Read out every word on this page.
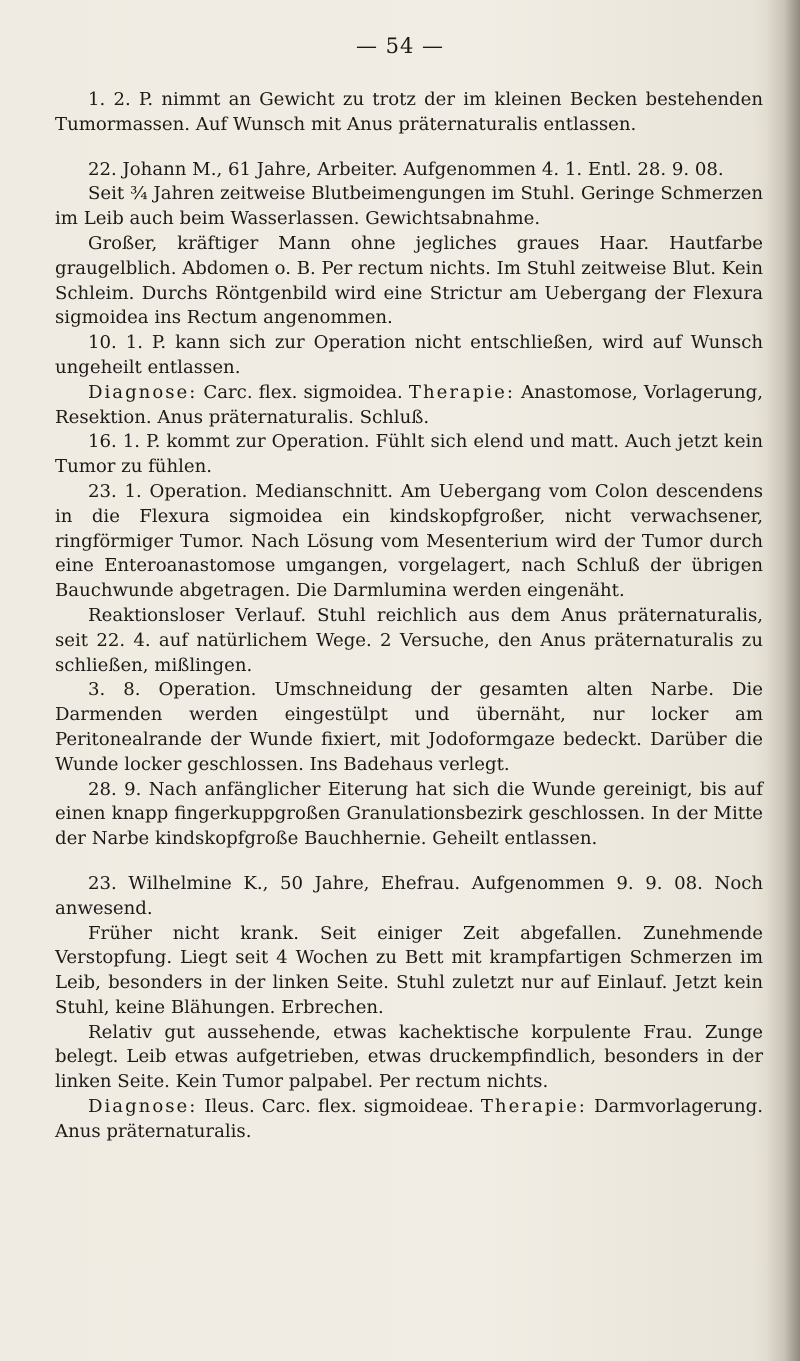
— 54 —

1. 2. P. nimmt an Gewicht zu trotz der im kleinen Becken bestehenden Tumormassen. Auf Wunsch mit Anus präternaturalis entlassen.

22. Johann M., 61 Jahre, Arbeiter. Aufgenommen 4. 1. Entl. 28. 9. 08.

Seit ¾ Jahren zeitweise Blutbeimengungen im Stuhl. Geringe Schmerzen im Leib auch beim Wasserlassen. Gewichtsabnahme.

Großer, kräftiger Mann ohne jegliches graues Haar. Hautfarbe graugelblich. Abdomen o. B. Per rectum nichts. Im Stuhl zeitweise Blut. Kein Schleim. Durchs Röntgenbild wird eine Strictur am Uebergang der Flexura sigmoidea ins Rectum angenommen.

10. 1. P. kann sich zur Operation nicht entschließen, wird auf Wunsch ungeheilt entlassen.

Diagnose: Carc. flex. sigmoidea. Therapie: Anastomose, Vorlagerung, Resektion. Anus präternaturalis. Schluß.

16. 1. P. kommt zur Operation. Fühlt sich elend und matt. Auch jetzt kein Tumor zu fühlen.

23. 1. Operation. Medianschnitt. Am Uebergang vom Colon descendens in die Flexura sigmoidea ein kindskopfgroßer, nicht verwachsener, ringförmiger Tumor. Nach Lösung vom Mesenterium wird der Tumor durch eine Enteroanastomose umgangen, vorgelagert, nach Schluß der übrigen Bauchwunde abgetragen. Die Darmlumina werden eingenäht.

Reaktionsloser Verlauf. Stuhl reichlich aus dem Anus präternaturalis, seit 22. 4. auf natürlichem Wege. 2 Versuche, den Anus präternaturalis zu schließen, mißlingen.

3. 8. Operation. Umschneidung der gesamten alten Narbe. Die Darmenden werden eingestülpt und übernäht, nur locker am Peritonealrande der Wunde fixiert, mit Jodoformgaze bedeckt. Darüber die Wunde locker geschlossen. Ins Badehaus verlegt.

28. 9. Nach anfänglicher Eiterung hat sich die Wunde gereinigt, bis auf einen knapp fingerkuppgroßen Granulationsbezirk geschlossen. In der Mitte der Narbe kindskopfgroße Bauchhernie. Geheilt entlassen.

23. Wilhelmine K., 50 Jahre, Ehefrau. Aufgenommen 9. 9. 08. Noch anwesend.

Früher nicht krank. Seit einiger Zeit abgefallen. Zunehmende Verstopfung. Liegt seit 4 Wochen zu Bett mit krampfartigen Schmerzen im Leib, besonders in der linken Seite. Stuhl zuletzt nur auf Einlauf. Jetzt kein Stuhl, keine Blähungen. Erbrechen.

Relativ gut aussehende, etwas kachektische korpulente Frau. Zunge belegt. Leib etwas aufgetrieben, etwas druckempfindlich, besonders in der linken Seite. Kein Tumor palpabel. Per rectum nichts.

Diagnose: Ileus. Carc. flex. sigmoideae. Therapie: Darmvorlagerung. Anus präternaturalis.
